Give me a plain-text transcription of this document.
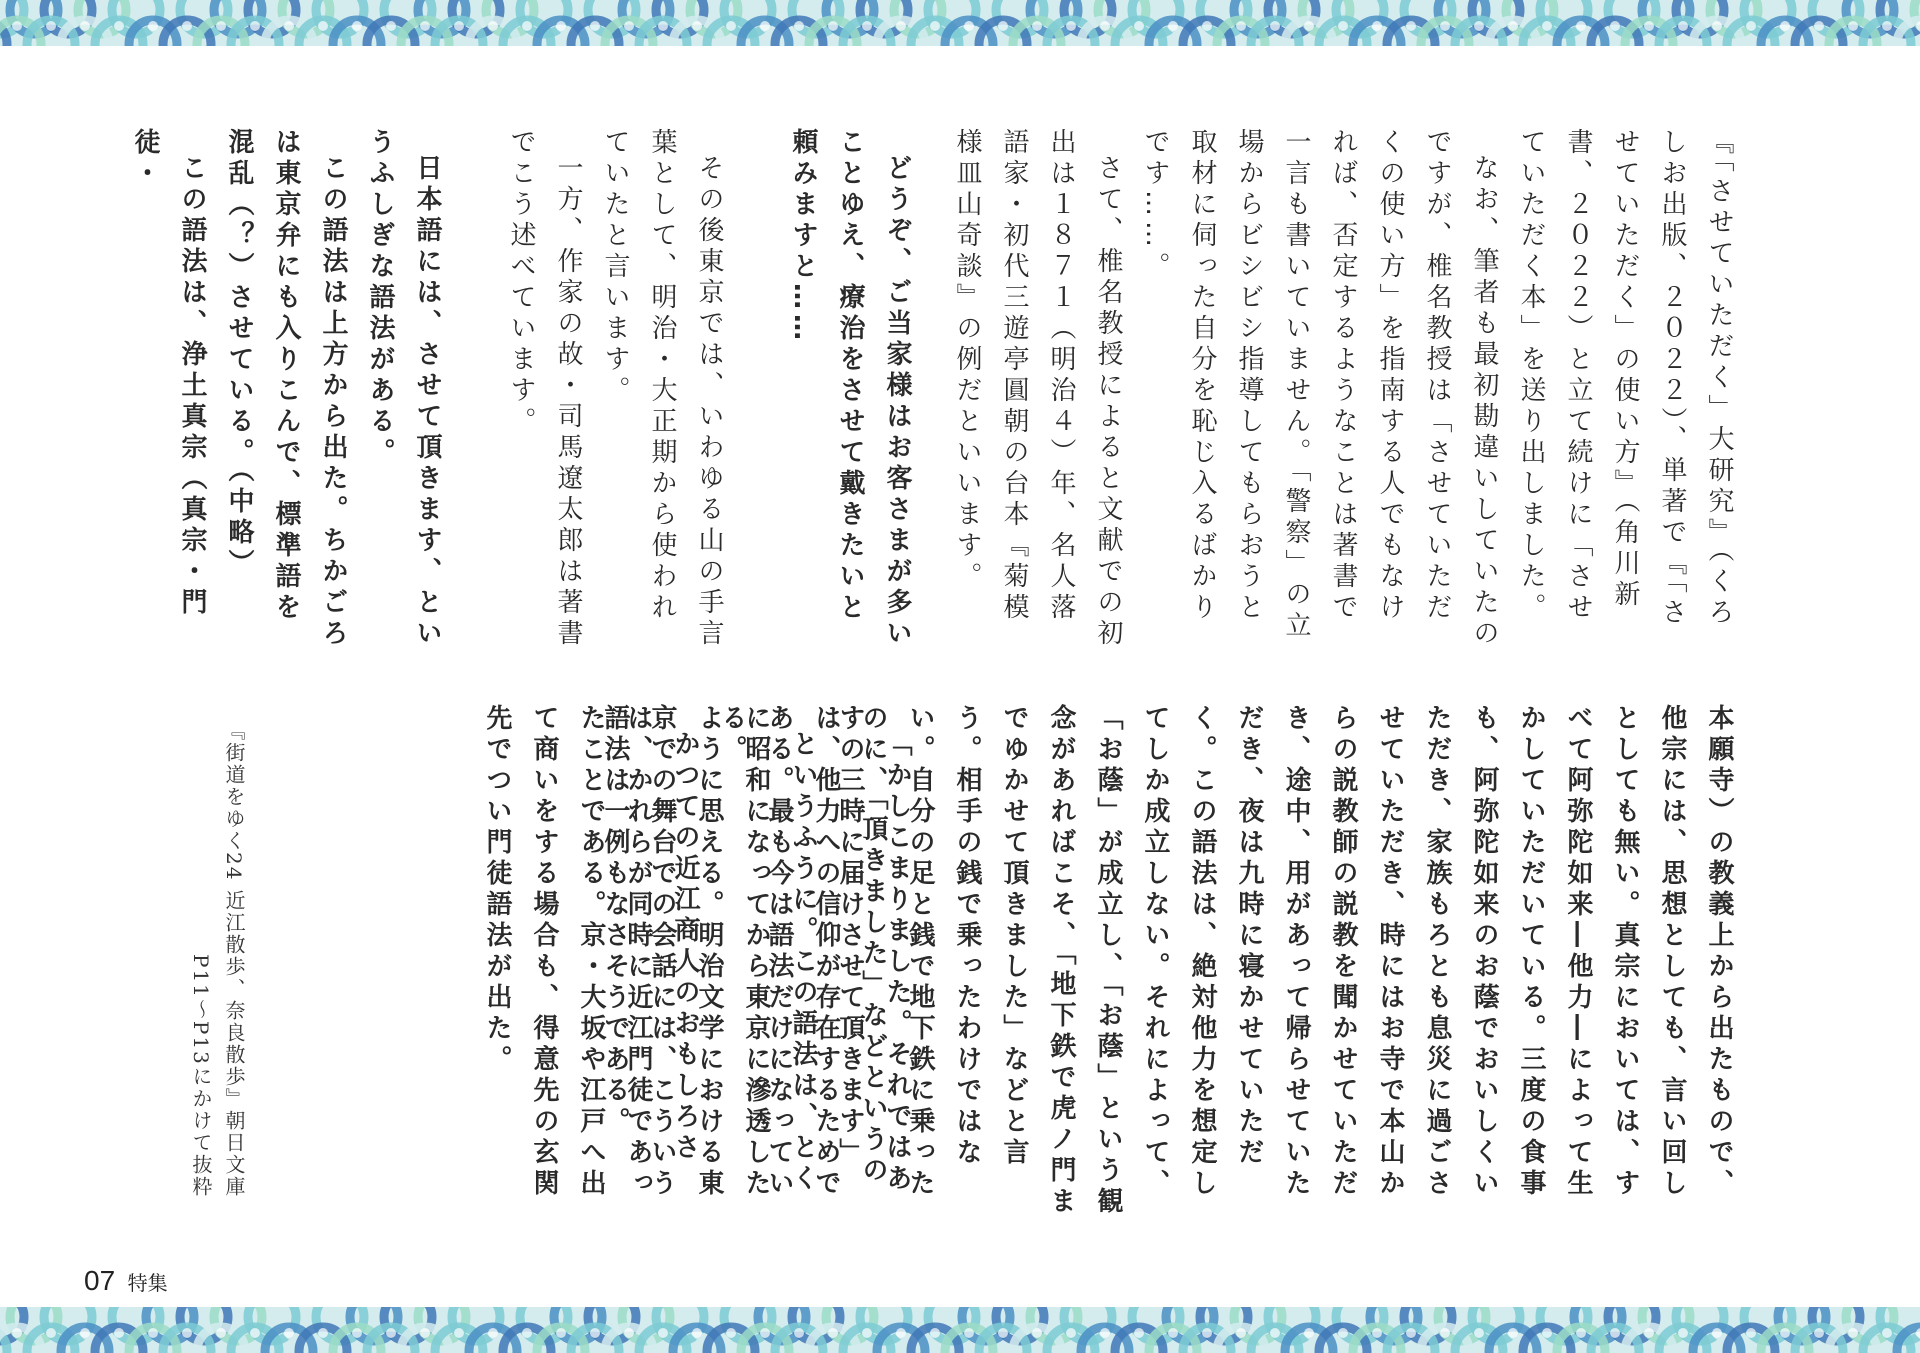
『「させていただく」大研究』（くろしお出版、２０２２）、単著で『「させていただく」の使い方』（角川新書、２０２２）と立て続けに「させていただく本」を送り出しました。

なお、筆者も最初勘違いしていたのですが、椎名教授は「させていただくの使い方」を指南する人でもなければ、否定するようなことは著書で一言も書いていません。「警察」の立場からビシビシ指導してもらおうと取材に伺った自分を恥じ入るばかりです……。

さて、椎名教授によると文献での初出は１８７１（明治４）年、名人落語家・初代三遊亭圓朝の台本『菊模様皿山奇談』の例だといいます。

どうぞ、ご当家様はお客さまが多いことゆえ、療治をさせて戴きたいと頼みますと……

その後東京では、いわゆる山の手言葉として、明治・大正期から使われていたと言います。

一方、作家の故・司馬遼太郎は著書でこう述べています。

日本語には、させて頂きます、というふしぎな語法がある。

この語法は上方から出た。ちかごろは東京弁にも入りこんで、標準語を混乱（？）させている。（中略）

この語法は、浄土真宗（真宗・門徒・

本願寺）の教義上から出たもので、他宗には、思想としても、言い回しとしても無い。真宗においては、すべて阿弥陀如来―他力―によって生かしていただいている。三度の食事も、阿弥陀如来のお蔭でおいしくいただき、家族もろとも息災に過ごさせていただき、時にはお寺で本山からの説教師の説教を聞かせていただき、途中、用があって帰らせていただき、夜は九時に寝かせていただく。この語法は、絶対他力を想定してしか成立しない。それによって、「お蔭」が成立し、「お蔭」という観念があればこそ、「地下鉄で虎ノ門までゆかせて頂きました」などと言う。相手の銭で乗ったわけではない。自分の足と銭で地下鉄に乗ったのに、「頂きました」などというのは、他力への信仰が存在するためである。最も今は語法だけになっている。

かつての近江商人のおもしろさは、かれらが同時に近江門徒であったことである。京・大坂や江戸へ出て商いをする場合も、得意先の玄関先でつい門徒語法が出た。	「かしこまりました。それではあすの三時に届けさせて頂きます」

というふうに。この語法は、とくに昭和になってから東京に滲透したように思える。明治文学における東京での舞台での会話には、こういう語法は一例もなさそうである。

『街道をゆく24 近江散歩、奈良散歩』朝日文庫

P11～P13にかけて抜粋

07 特集
